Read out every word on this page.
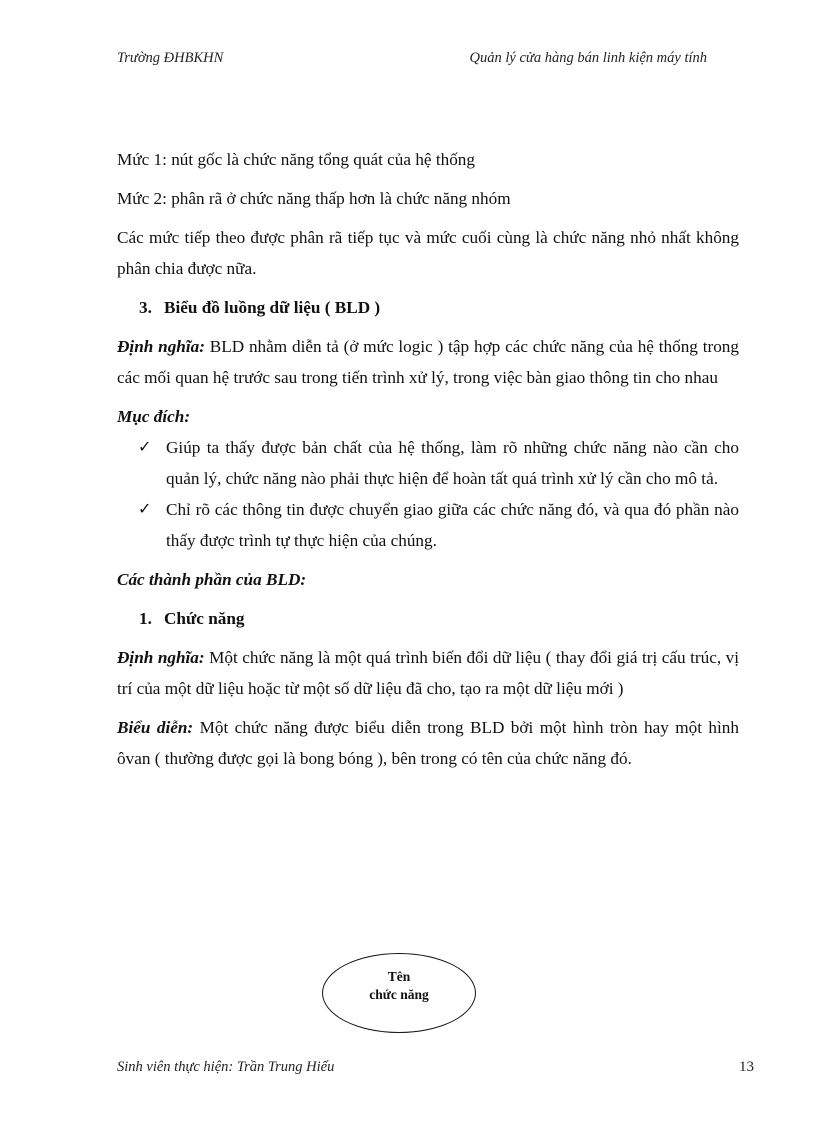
Trường ĐHBKHN	Quản lý cửa hàng bán linh kiện máy tính

Mức 1: nút gốc là chức năng tổng quát của hệ thống

Mức 2: phân rã ở chức năng thấp hơn là chức năng nhóm

Các mức tiếp theo được phân rã tiếp tục và mức cuối cùng là chức năng nhỏ nhất không phân chia được nữa.

3. Biểu đồ luồng dữ liệu ( BLD )

Định nghĩa: BLD nhằm diễn tả (ở mức logic ) tập hợp các chức năng của hệ thống trong các mối quan hệ trước sau trong tiến trình xử lý, trong việc bàn giao thông tin cho nhau

Mục đích:

✓ Giúp ta thấy được bản chất của hệ thống, làm rõ những chức năng nào cần cho quản lý, chức năng nào phải thực hiện để hoàn tất quá trình xử lý cần cho mô tả.

✓ Chỉ rõ các thông tin được chuyển giao giữa các chức năng đó, và qua đó phần nào thấy được trình tự thực hiện của chúng.

Các thành phần của BLD:

1. Chức năng

Định nghĩa: Một chức năng là một quá trình biến đổi dữ liệu ( thay đổi giá trị cấu trúc, vị trí của một dữ liệu hoặc từ một số dữ liệu đã cho, tạo ra một dữ liệu mới )

Biểu diễn: Một chức năng được biểu diễn trong BLD bởi một hình tròn hay một hình ôvan ( thường được gọi là bong bóng ), bên trong có tên của chức năng đó.

Tên
chức năng
Sinh viên thực hiện: Trần Trung Hiếu	13
